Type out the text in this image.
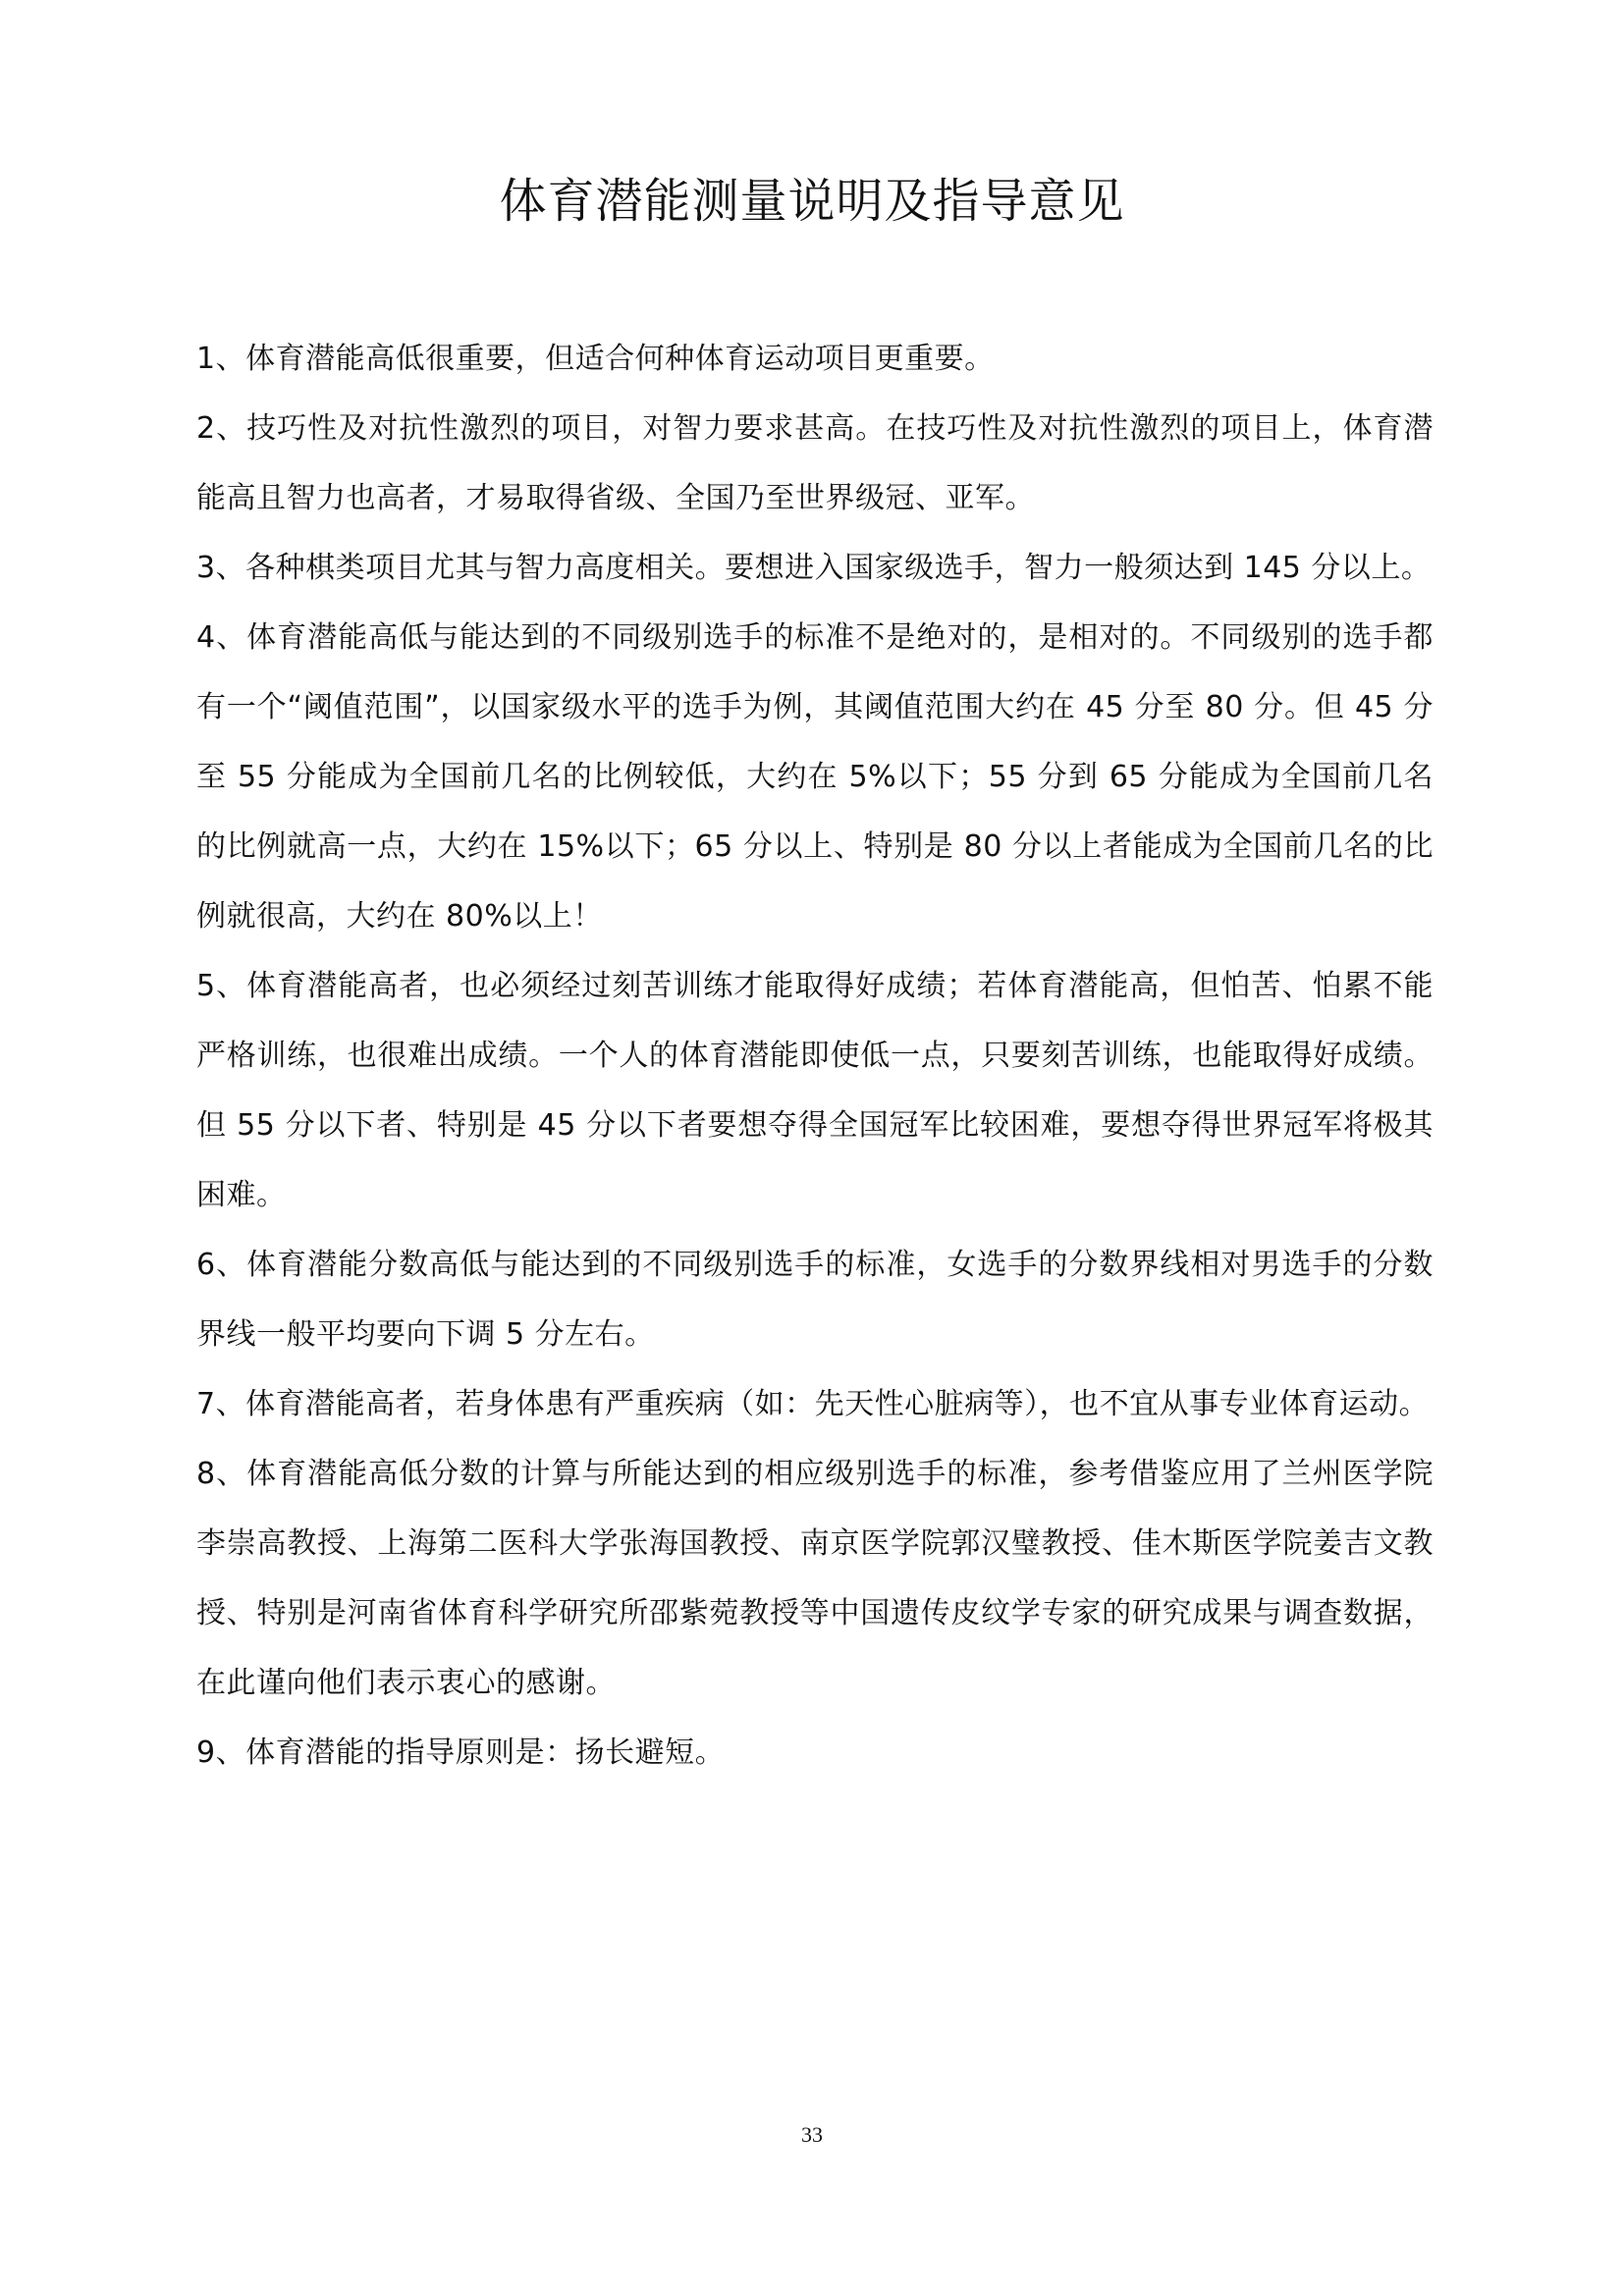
体育潜能测量说明及指导意见

1、体育潜能高低很重要，但适合何种体育运动项目更重要。

2、技巧性及对抗性激烈的项目，对智力要求甚高。在技巧性及对抗性激烈的项目上，体育潜能高且智力也高者，才易取得省级、全国乃至世界级冠、亚军。

3、各种棋类项目尤其与智力高度相关。要想进入国家级选手，智力一般须达到 145 分以上。

4、体育潜能高低与能达到的不同级别选手的标准不是绝对的，是相对的。不同级别的选手都有一个“阈值范围”，以国家级水平的选手为例，其阈值范围大约在 45 分至 80 分。但 45 分至 55 分能成为全国前几名的比例较低，大约在 5%以下；55 分到 65 分能成为全国前几名的比例就高一点，大约在 15%以下；65 分以上、特别是 80 分以上者能成为全国前几名的比例就很高，大约在 80%以上！

5、体育潜能高者，也必须经过刻苦训练才能取得好成绩；若体育潜能高，但怕苦、怕累不能严格训练，也很难出成绩。一个人的体育潜能即使低一点，只要刻苦训练，也能取得好成绩。但 55 分以下者、特别是 45 分以下者要想夺得全国冠军比较困难，要想夺得世界冠军将极其困难。

6、体育潜能分数高低与能达到的不同级别选手的标准，女选手的分数界线相对男选手的分数界线一般平均要向下调 5 分左右。

7、体育潜能高者，若身体患有严重疾病（如：先天性心脏病等），也不宜从事专业体育运动。

8、体育潜能高低分数的计算与所能达到的相应级别选手的标准，参考借鉴应用了兰州医学院李崇高教授、上海第二医科大学张海国教授、南京医学院郭汉璧教授、佳木斯医学院姜吉文教授、特别是河南省体育科学研究所邵紫菀教授等中国遗传皮纹学专家的研究成果与调查数据，在此谨向他们表示衷心的感谢。

9、体育潜能的指导原则是：扬长避短。

33
